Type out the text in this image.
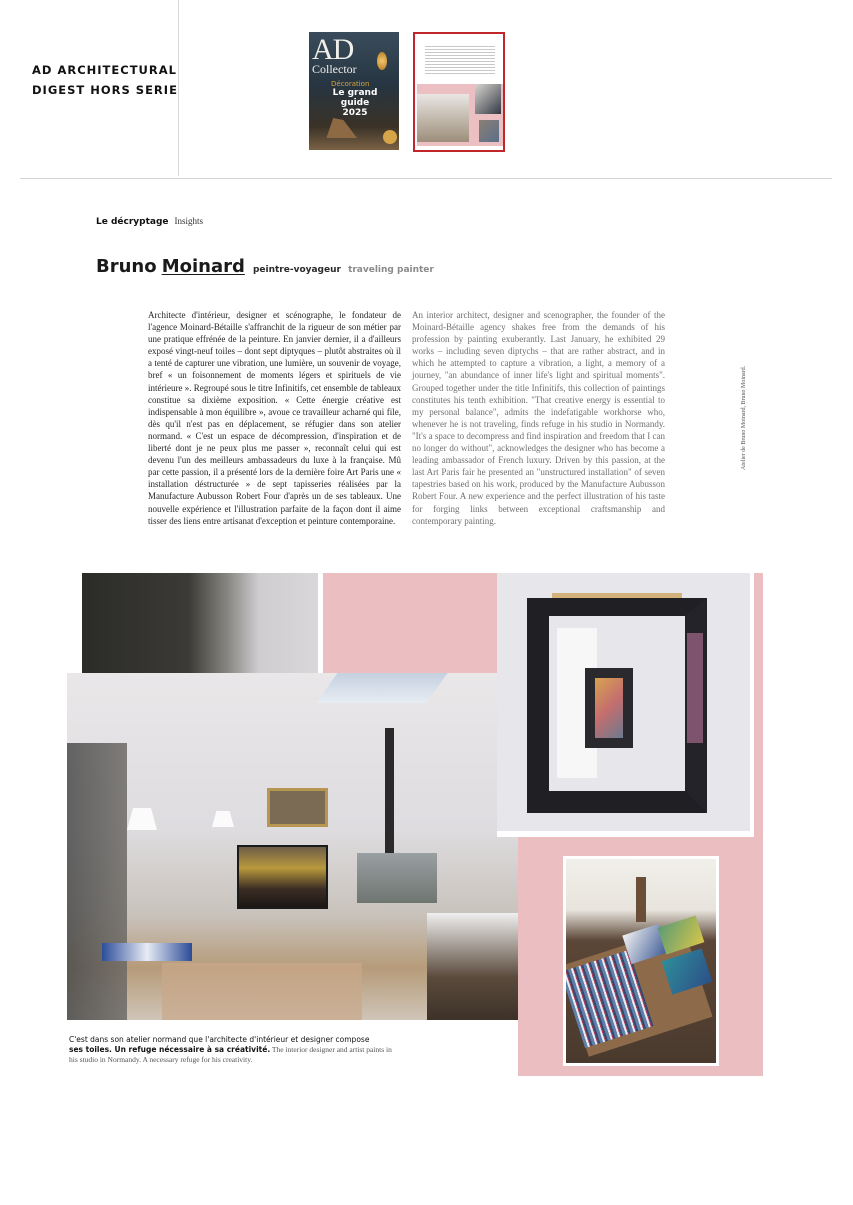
AD ARCHITECTURAL
DIGEST HORS SERIE
AD
Collector
Décoration
Le grand guide
2025
Le décryptage Insights
Bruno Moinard peintre-voyageur traveling painter
Architecte d'intérieur, designer et scénographe, le fondateur de l'agence Moinard-Bétaille s'affranchit de la rigueur de son métier par une pratique effrénée de la peinture. En janvier dernier, il a d'ailleurs exposé vingt-neuf toiles – dont sept diptyques – plutôt abstraites où il a tenté de capturer une vibration, une lumière, un souvenir de voyage, bref « un foisonnement de moments légers et spirituels de vie intérieure ». Regroupé sous le titre Infinitifs, cet ensemble de tableaux constitue sa dixième exposition. « Cette énergie créative est indispensable à mon équilibre », avoue ce travailleur acharné qui file, dès qu'il n'est pas en déplacement, se réfugier dans son atelier normand. « C'est un espace de décompression, d'inspiration et de liberté dont je ne peux plus me passer », reconnaît celui qui est devenu l'un des meilleurs ambassadeurs du luxe à la française. Mû par cette passion, il a présenté lors de la dernière foire Art Paris une « installation déstructurée » de sept tapisseries réalisées par la Manufacture Aubusson Robert Four d'après un de ses tableaux. Une nouvelle expérience et l'illustration parfaite de la façon dont il aime tisser des liens entre artisanat d'exception et peinture contemporaine.
An interior architect, designer and scenographer, the founder of the Moinard-Bétaille agency shakes free from the demands of his profession by painting exuberantly. Last January, he exhibited 29 works – including seven diptychs – that are rather abstract, and in which he attempted to capture a vibration, a light, a memory of a journey, "an abundance of inner life's light and spiritual moments". Grouped together under the title Infinitifs, this collection of paintings constitutes his tenth exhibition. "That creative energy is essential to my personal balance", admits the indefatigable workhorse who, whenever he is not traveling, finds refuge in his studio in Normandy. "It's a space to decompress and find inspiration and freedom that I can no longer do without", acknowledges the designer who has become a leading ambassador of French luxury. Driven by this passion, at the last Art Paris fair he presented an "unstructured installation" of seven tapestries based on his work, produced by the Manufacture Aubusson Robert Four. A new experience and the perfect illustration of his taste for forging links between exceptional craftsmanship and contemporary painting.
Atelier de Bruno Moinard, Bruno Moinard.
C'est dans son atelier normand que l'architecte d'intérieur et designer compose
ses toiles. Un refuge nécessaire à sa créativité. The interior designer and artist paints in his studio in Normandy. A necessary refuge for his creativity.
